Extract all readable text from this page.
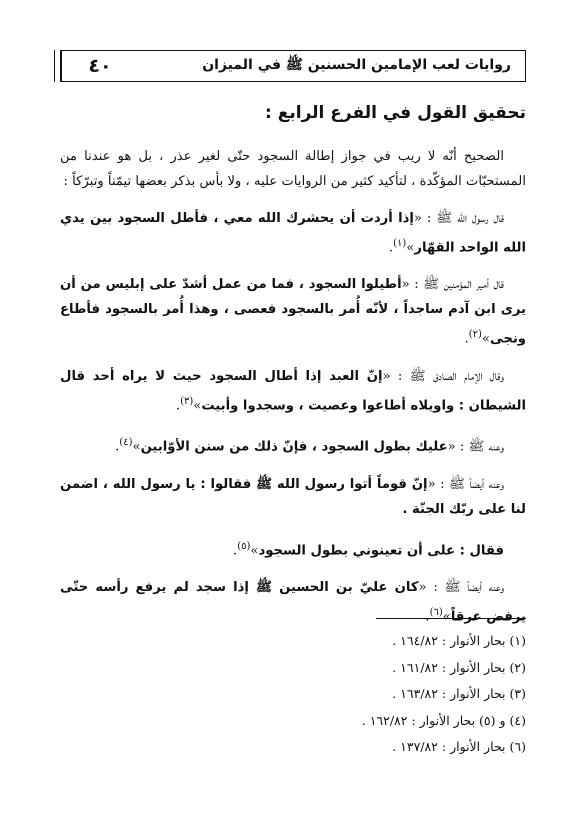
روايات لعب الإمامين الحسنين ﷺ في الميزان
٤٠
تحقيق القول في الفرع الرابع :

الصحيح أنّه لا ريب في جواز إطالة السجود حتّى لغير عذر ، بل هو عندنا من المستحبّات المؤكّدة ، لتأكيد كثير من الروايات عليه ، ولا بأس بذكر بعضها تيمّناً وتبرّكاً :

قال رسول الله ﷺ : «إذا أردت أن يحشرك الله معي ، فأطل السجود بين يدي الله الواحد القهّار»$^{(١)}$.

قال أمير المؤمنين ﷺ : «أطيلوا السجود ، فما من عمل أشدّ على إبليس من أن يرى ابن آدم ساجداً ، لأنّه أُمر بالسجود فعصى ، وهذا أُمر بالسجود فأطاع ونجى»$^{(٢)}$.

وقال الإمام الصادق ﷺ : «إنّ العبد إذا أطال السجود حيث لا يراه أحد قال الشيطان : واويلاه أطاعوا وعصيت ، وسجدوا وأبيت»$^{(٣)}$.

وعنه ﷺ : «عليك بطول السجود ، فإنّ ذلك من سنن الأوّابين»$^{(٤)}$.

وعنه أيضاً ﷺ : «إنّ قوماً أتوا رسول الله ﷺ فقالوا : يا رسول الله ، اضمن لنا على ربّك الجنّة .

فقال : على أن تعينوني بطول السجود»$^{(٥)}$.

وعنه أيضاً ﷺ : «كان عليّ بن الحسين ﷺ إذا سجد لم يرفع رأسه حتّى يرفض عرقاً»$^{(٦)}$.

(١) بحار الأنوار : ١٦٤/٨٢ .
(٢) بحار الأنوار : ١٦١/٨٢ .
(٣) بحار الأنوار : ١٦٣/٨٢ .
(٤) و (٥) بحار الأنوار : ١٦٢/٨٢ .
(٦) بحار الأنوار : ١٣٧/٨٢ .
